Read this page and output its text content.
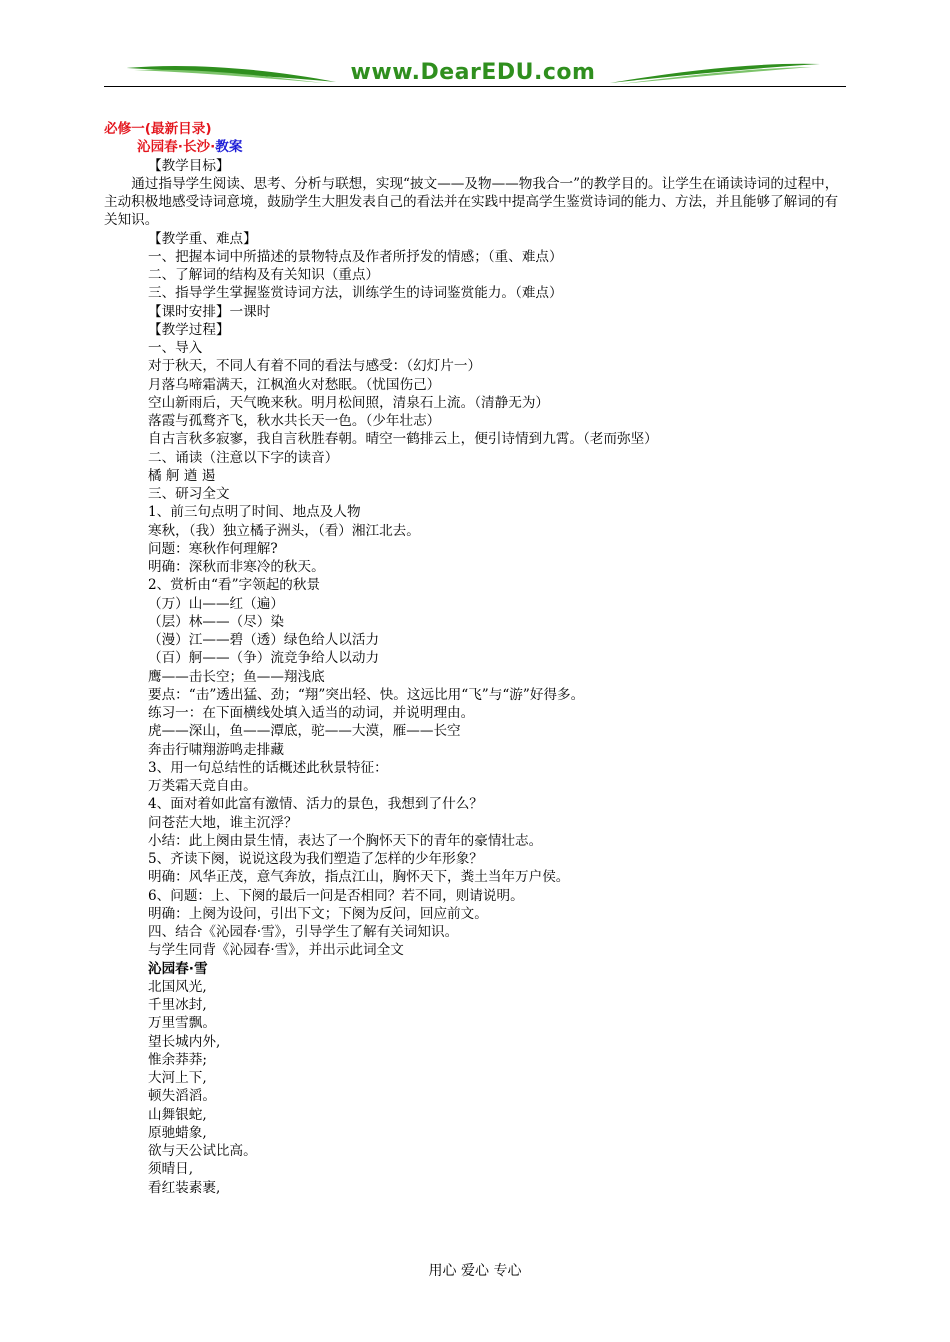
www.DearEDU.com
必修一(最新目录)
沁园春·长沙·教案
【教学目标】
通过指导学生阅读、思考、分析与联想，实现“披文——及物——物我合一”的教学目的。让学生在诵读诗词的过程中，主动积极地感受诗词意境，鼓励学生大胆发表自己的看法并在实践中提高学生鉴赏诗词的能力、方法，并且能够了解词的有关知识。
【教学重、难点】
一、把握本词中所描述的景物特点及作者所抒发的情感；（重、难点）
二、了解词的结构及有关知识（重点）
三、指导学生掌握鉴赏诗词方法，训练学生的诗词鉴赏能力。（难点）
【课时安排】一课时
【教学过程】
一、导入
对于秋天，不同人有着不同的看法与感受：（幻灯片一）
月落乌啼霜满天，江枫渔火对愁眠。（忧国伤己）
空山新雨后，天气晚来秋。明月松间照，清泉石上流。（清静无为）
落霞与孤鹜齐飞，秋水共长天一色。（少年壮志）
自古言秋多寂寥，我自言秋胜春朝。晴空一鹤排云上，便引诗情到九霄。（老而弥坚）
二、诵读（注意以下字的读音）
橘 舸 遒 遏
三、研习全文
1、前三句点明了时间、地点及人物
寒秋，（我）独立橘子洲头，（看）湘江北去。
问题：寒秋作何理解?
明确：深秋而非寒冷的秋天。
2、赏析由“看”字领起的秋景
（万）山——红（遍）
（层）林——（尽）染
（漫）江——碧（透）绿色给人以活力
（百）舸——（争）流竞争给人以动力
鹰——击长空；鱼——翔浅底
要点：“击”透出猛、劲；“翔”突出轻、快。这远比用“飞”与“游”好得多。
练习一：在下面横线处填入适当的动词，并说明理由。
虎——深山，鱼——潭底，驼——大漠，雁——长空
奔击行啸翔游鸣走排藏
3、用一句总结性的话概述此秋景特征：
万类霜天竞自由。
4、面对着如此富有激情、活力的景色，我想到了什么？
问苍茫大地，谁主沉浮？
小结：此上阕由景生情，表达了一个胸怀天下的青年的豪情壮志。
5、齐读下阕，说说这段为我们塑造了怎样的少年形象？
明确：风华正茂，意气奔放，指点江山，胸怀天下，粪土当年万户侯。
6、问题：上、下阕的最后一问是否相同？若不同，则请说明。
明确：上阕为设问，引出下文；下阕为反问，回应前文。
四、结合《沁园春·雪》，引导学生了解有关词知识。
与学生同背《沁园春·雪》，并出示此词全文
沁园春·雪
北国风光,
千里冰封,
万里雪飘。
望长城内外,
惟余莽莽;
大河上下,
顿失滔滔。
山舞银蛇,
原驰蜡象,
欲与天公试比高。
须晴日,
看红装素裹,
用心 爱心 专心
